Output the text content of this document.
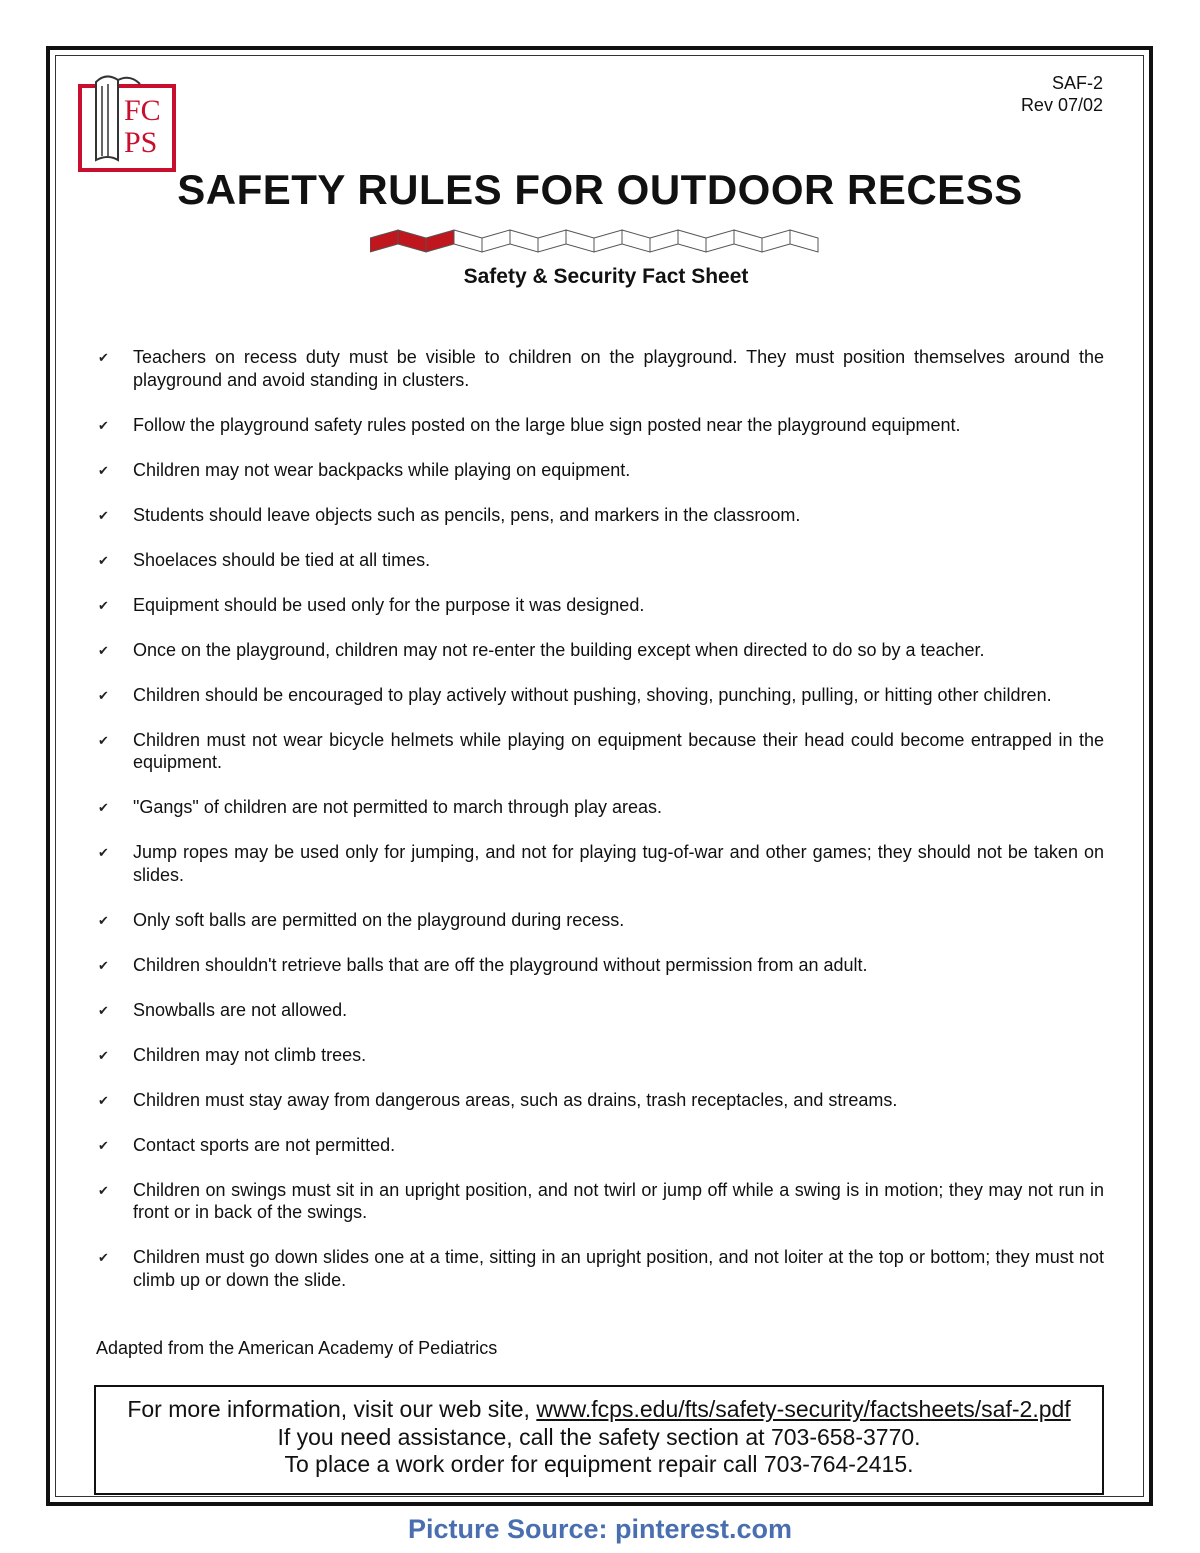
FC
PS
SAF-2
Rev 07/02
SAFETY RULES FOR OUTDOOR RECESS
Safety & Security Fact Sheet
✔ Teachers on recess duty must be visible to children on the playground. They must position themselves around the playground and avoid standing in clusters.
✔ Follow the playground safety rules posted on the large blue sign posted near the playground equipment.
✔ Children may not wear backpacks while playing on equipment.
✔ Students should leave objects such as pencils, pens, and markers in the classroom.
✔ Shoelaces should be tied at all times.
✔ Equipment should be used only for the purpose it was designed.
✔ Once on the playground, children may not re-enter the building except when directed to do so by a teacher.
✔ Children should be encouraged to play actively without pushing, shoving, punching, pulling, or hitting other children.
✔ Children must not wear bicycle helmets while playing on equipment because their head could become entrapped in the equipment.
✔ "Gangs" of children are not permitted to march through play areas.
✔ Jump ropes may be used only for jumping, and not for playing tug-of-war and other games; they should not be taken on slides.
✔ Only soft balls are permitted on the playground during recess.
✔ Children shouldn't retrieve balls that are off the playground without permission from an adult.
✔ Snowballs are not allowed.
✔ Children may not climb trees.
✔ Children must stay away from dangerous areas, such as drains, trash receptacles, and streams.
✔ Contact sports are not permitted.
✔ Children on swings must sit in an upright position, and not twirl or jump off while a swing is in motion; they may not run in front or in back of the swings.
✔ Children must go down slides one at a time, sitting in an upright position, and not loiter at the top or bottom; they must not climb up or down the slide.

Adapted from the American Academy of Pediatrics

For more information, visit our web site, www.fcps.edu/fts/safety-security/factsheets/saf-2.pdf
If you need assistance, call the safety section at 703-658-3770.
To place a work order for equipment repair call 703-764-2415.
Picture Source: pinterest.com
